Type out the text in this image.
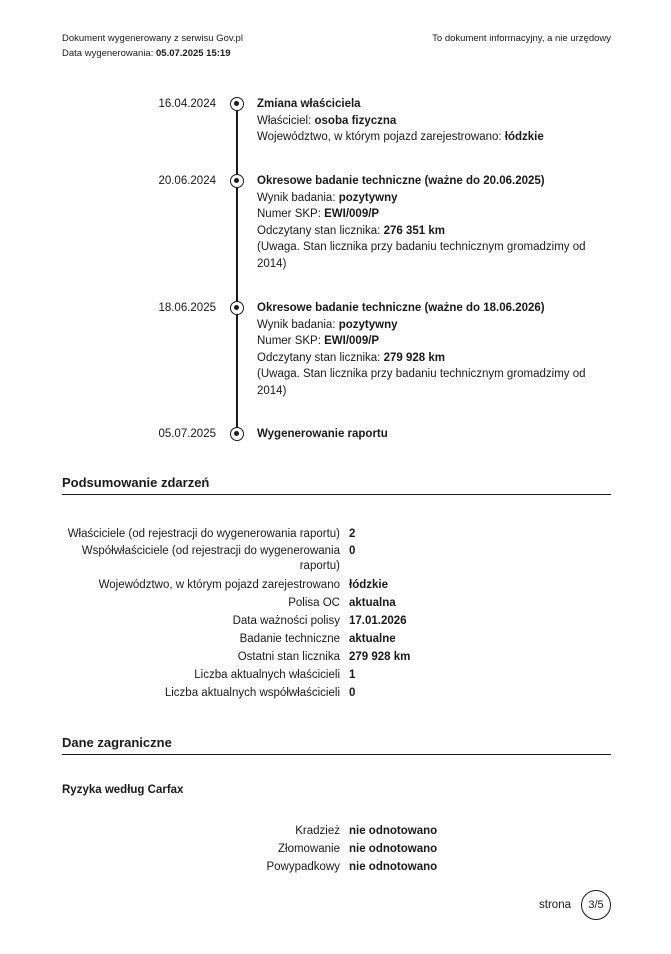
Dokument wygenerowany z serwisu Gov.pl
Data wygenerowania: 05.07.2025 15:19
To dokument informacyjny, a nie urzędowy
16.04.2024	Zmiana właściciela
Właściciel: osoba fizyczna
Województwo, w którym pojazd zarejestrowano: łódzkie
20.06.2024	Okresowe badanie techniczne (ważne do 20.06.2025)
Wynik badania: pozytywny
Numer SKP: EWI/009/P
Odczytany stan licznika: 276 351 km
(Uwaga. Stan licznika przy badaniu technicznym gromadzimy od 2014)
18.06.2025	Okresowe badanie techniczne (ważne do 18.06.2026)
Wynik badania: pozytywny
Numer SKP: EWI/009/P
Odczytany stan licznika: 279 928 km
(Uwaga. Stan licznika przy badaniu technicznym gromadzimy od 2014)
05.07.2025	Wygenerowanie raportu
Podsumowanie zdarzeń
Właściciele (od rejestracji do wygenerowania raportu) 2
Współwłaściciele (od rejestracji do wygenerowania raportu)
0
Województwo, w którym pojazd zarejestrowano łódzkie
Polisa OC aktualna
Data ważności polisy 17.01.2026
Badanie techniczne aktualne
Ostatni stan licznika 279 928 km
Liczba aktualnych właścicieli 1
Liczba aktualnych współwłaścicieli 0
Dane zagraniczne
Ryzyka według Carfax
Kradzież nie odnotowano
Złomowanie nie odnotowano
Powypadkowy nie odnotowano
strona	3/5
